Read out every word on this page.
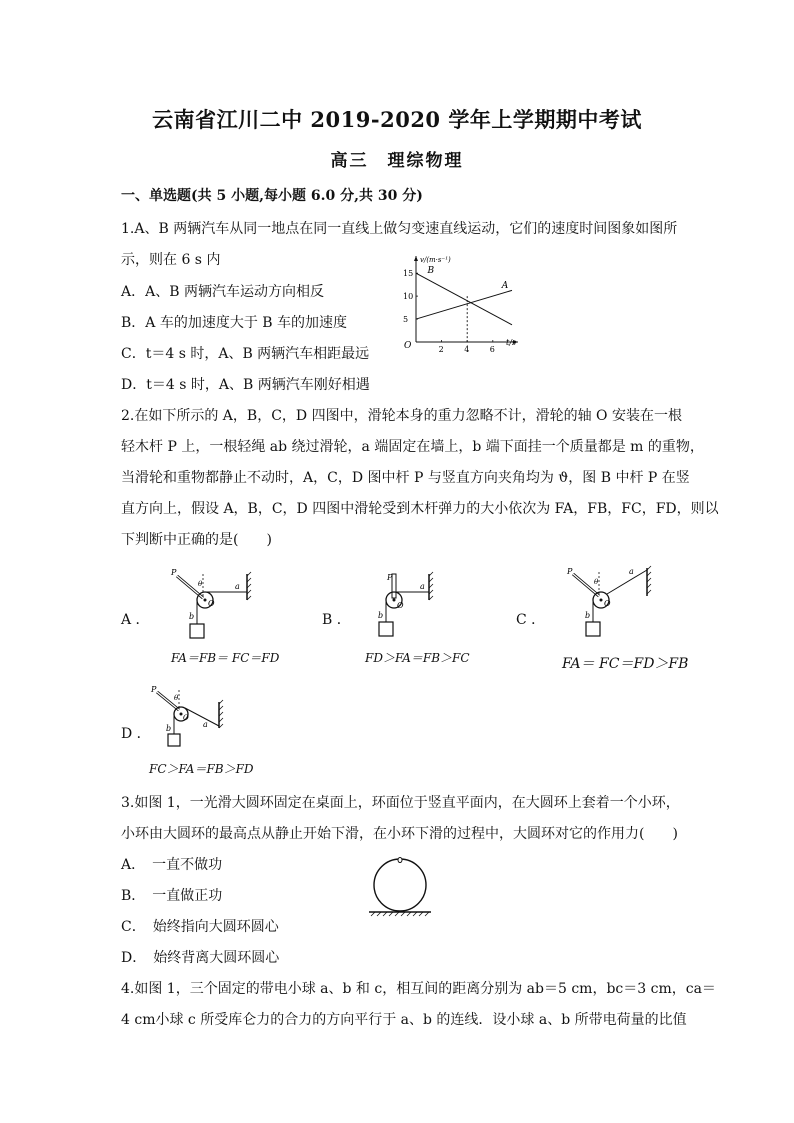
云南省江川二中 2019-2020 学年上学期期中考试
高三　理综物理
一、单选题(共 5 小题,每小题 6.0 分,共 30 分)
1.A、B 两辆汽车从同一地点在同一直线上做匀变速直线运动，它们的速度时间图象如图所
示，则在 6 s 内
A．A、B 两辆汽车运动方向相反
B．A 车的加速度大于 B 车的加速度
C．t＝4 s 时，A、B 两辆汽车相距最远
D．t＝4 s 时，A、B 两辆汽车刚好相遇
v/(m·s⁻¹)
t/s
O	2	4	6
5
10
15
A
B
2.在如下所示的 A，B，C，D 四图中，滑轮本身的重力忽略不计，滑轮的轴 O 安装在一根
轻木杆 P 上，一根轻绳 ab 绕过滑轮，a 端固定在墙上，b 端下面挂一个质量都是 m 的重物，
当滑轮和重物都静止不动时，A，C，D 图中杆 P 与竖直方向夹角均为 ϑ，图 B 中杆 P 在竖
直方向上，假设 A，B，C，D 四图中滑轮受到木杆弹力的大小依次为 FA，FB，FC，FD，则以
下判断中正确的是(　　)
A ．	B ．	C ．
D ．
P
θ
O
a
b
FA＝FB＝ FC＝FD
P
O
a
b
FD＞FA＝FB＞FC
P
θ
O
a
b
FA＝ FC＝FD＞FB
P
θ
O
a
b
FC＞FA＝FB＞FD
3.如图 1，一光滑大圆环固定在桌面上，环面位于竖直平面内，在大圆环上套着一个小环，
小环由大圆环的最高点从静止开始下滑，在小环下滑的过程中，大圆环对它的作用力(　　)
A．　一直不做功
B．　一直做正功
C．　始终指向大圆环圆心
D．　始终背离大圆环圆心
4.如图 1，三个固定的带电小球 a、b 和 c，相互间的距离分别为 ab＝5 cm，bc＝3 cm，ca＝
4 cm小球 c 所受库仑力的合力的方向平行于 a、b 的连线．设小球 a、b 所带电荷量的比值
